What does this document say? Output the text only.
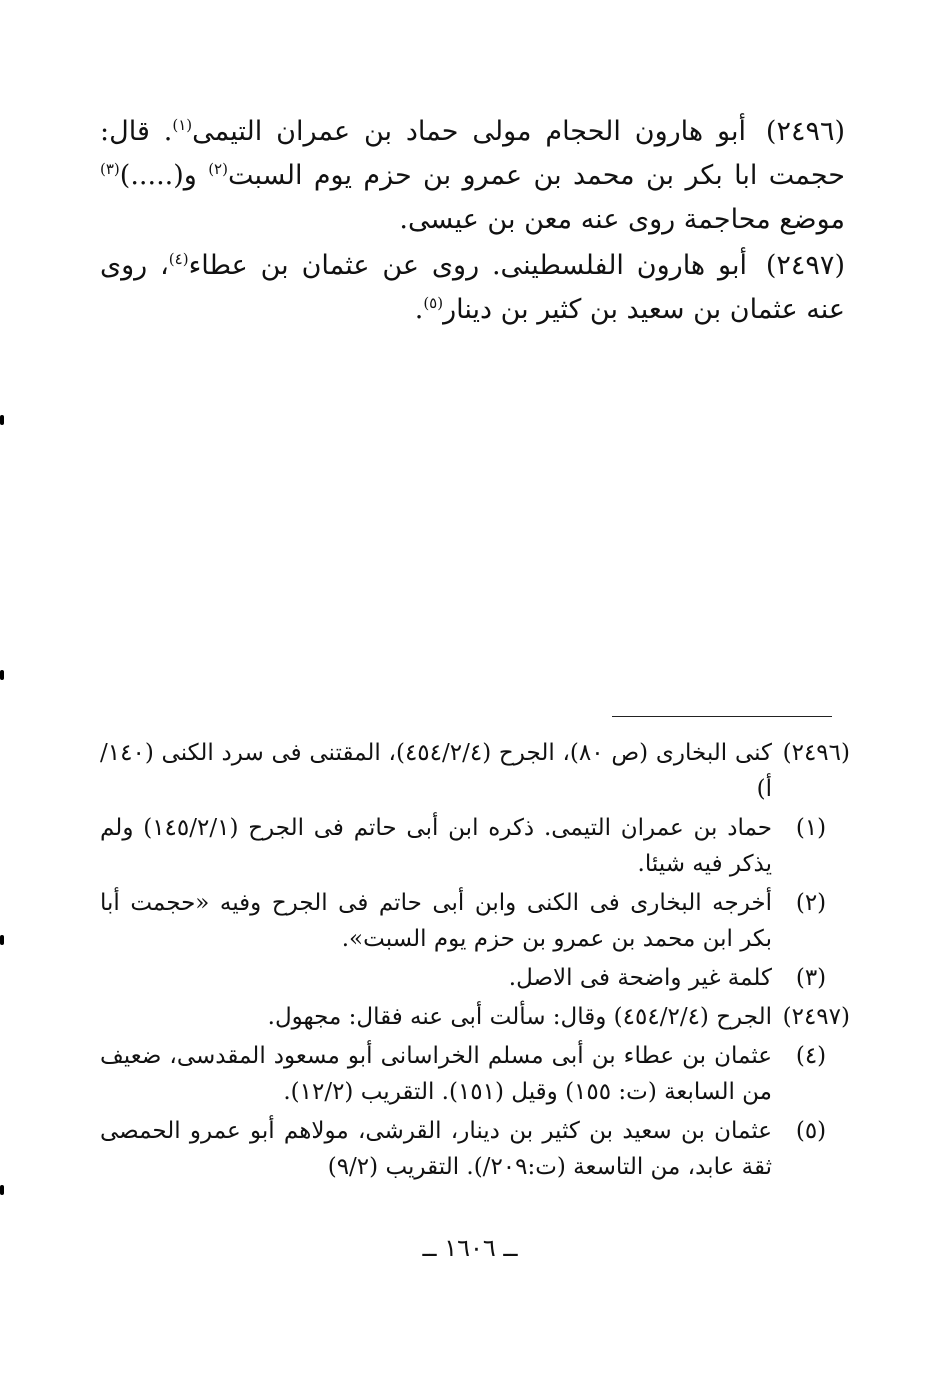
(٢٤٩٦) أبو هارون الحجام مولى حماد بن عمران التيمى$^{(١)}$. قال: حجمت ابا بكر بن محمد بن عمرو بن حزم يوم السبت$^{(٢)}$ و(.....)$^{(٣)}$ موضع محاجمة روى عنه معن بن عيسى.

(٢٤٩٧) أبو هارون الفلسطينى. روى عن عثمان بن عطاء$^{(٤)}$، روى عنه عثمان بن سعيد بن كثير بن دينار$^{(٥)}$.

(٢٤٩٦)
كنى البخارى (ص ٨٠)، الجرح (٤٥٤/٢/٤)، المقتنى فى سرد الكنى (١٤٠/أ)
(١)
حماد بن عمران التيمى. ذكره ابن أبى حاتم فى الجرح (١٤٥/٢/١) ولم يذكر فيه شيئا.
(٢)
أخرجه البخارى فى الكنى وابن أبى حاتم فى الجرح وفيه «حجمت أبا بكر ابن محمد بن عمرو بن حزم يوم السبت».
(٣)
كلمة غير واضحة فى الاصل.
(٢٤٩٧)
الجرح (٤٥٤/٢/٤) وقال: سألت أبى عنه فقال: مجهول.
(٤)
عثمان بن عطاء بن أبى مسلم الخراسانى أبو مسعود المقدسى، ضعيف من السابعة (ت: ١٥٥) وقيل (١٥١). التقريب (١٢/٢).
(٥)
عثمان بن سعيد بن كثير بن دينار، القرشى، مولاهم أبو عمرو الحمصى ثقة عابد، من التاسعة (ت:٢٠٩/). التقريب (٩/٢)
ــ ١٦٠٦ ــ
